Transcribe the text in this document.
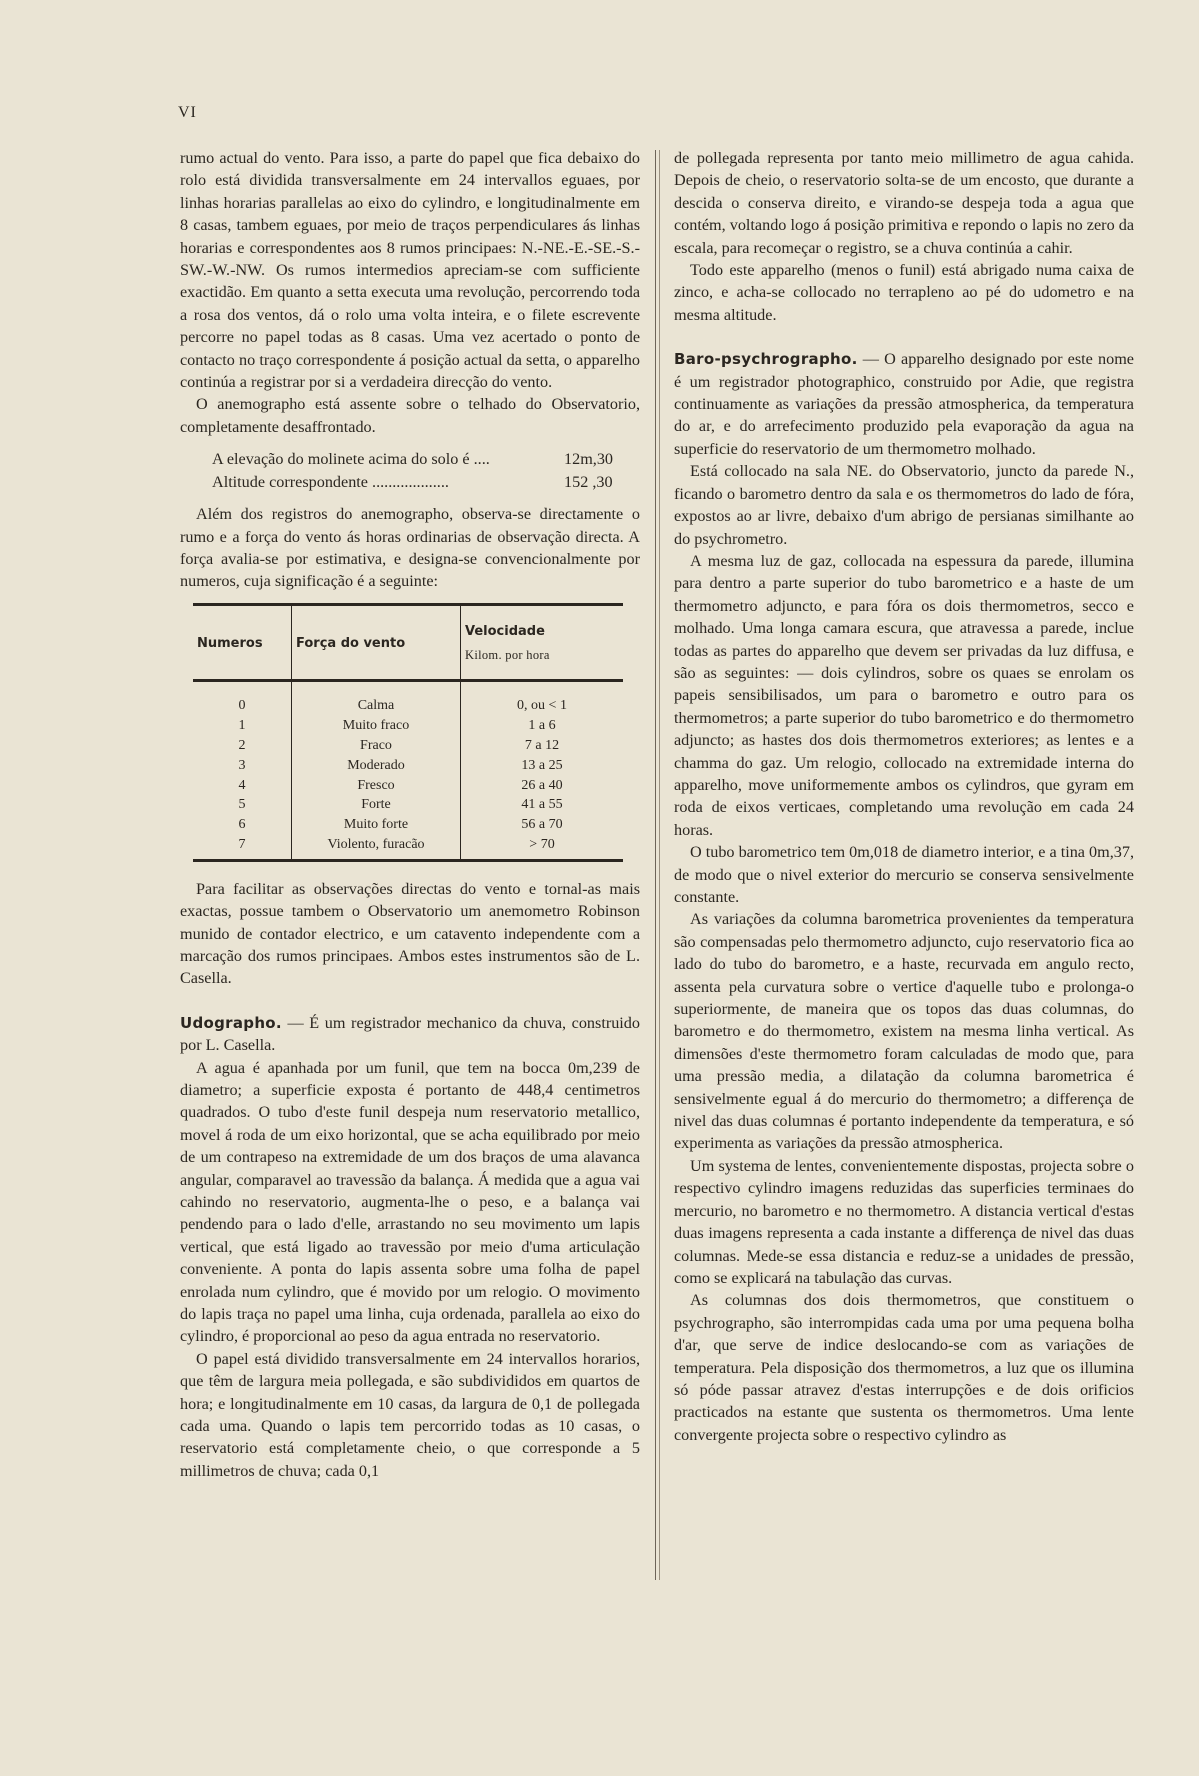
VI

rumo actual do vento. Para isso, a parte do papel que fica debaixo do rolo está dividida transversalmente em 24 intervallos eguaes, por linhas horarias parallelas ao eixo do cylindro, e longitudinalmente em 8 casas, tambem eguaes, por meio de traços perpendiculares ás linhas horarias e correspondentes aos 8 rumos principaes: N.-NE.-E.-SE.-S.-SW.-W.-NW. Os rumos intermedios apreciam-se com sufficiente exactidão. Em quanto a setta executa uma revolução, percorrendo toda a rosa dos ventos, dá o rolo uma volta inteira, e o filete escrevente percorre no papel todas as 8 casas. Uma vez acertado o ponto de contacto no traço correspondente á posição actual da setta, o apparelho continúa a registrar por si a verdadeira direcção do vento.

O anemographo está assente sobre o telhado do Observatorio, completamente desaffrontado.

A elevação do molinete acima do solo é ....	12m,30
Altitude correspondente ...................	152 ,30

Além dos registros do anemographo, observa-se directamente o rumo e a força do vento ás horas ordinarias de observação directa. A força avalia-se por estimativa, e designa-se convencionalmente por numeros, cuja significação é a seguinte:

Numeros	Força do vento	Velocidade
Kilom. por hora

0	Calma	0, ou < 1
1	Muito fraco	1 a 6
2	Fraco	7 a 12
3	Moderado	13 a 25
4	Fresco	26 a 40
5	Forte	41 a 55
6	Muito forte	56 a 70
7	Violento, furacão	> 70

Para facilitar as observações directas do vento e tornal-as mais exactas, possue tambem o Observatorio um anemometro Robinson munido de contador electrico, e um catavento independente com a marcação dos rumos principaes. Ambos estes instrumentos são de L. Casella.

Udographo. — É um registrador mechanico da chuva, construido por L. Casella.

A agua é apanhada por um funil, que tem na bocca 0m,239 de diametro; a superficie exposta é portanto de 448,4 centimetros quadrados. O tubo d'este funil despeja num reservatorio metallico, movel á roda de um eixo horizontal, que se acha equilibrado por meio de um contrapeso na extremidade de um dos braços de uma alavanca angular, comparavel ao travessão da balança. Á medida que a agua vai cahindo no reservatorio, augmenta-lhe o peso, e a balança vai pendendo para o lado d'elle, arrastando no seu movimento um lapis vertical, que está ligado ao travessão por meio d'uma articulação conveniente. A ponta do lapis assenta sobre uma folha de papel enrolada num cylindro, que é movido por um relogio. O movimento do lapis traça no papel uma linha, cuja ordenada, parallela ao eixo do cylindro, é proporcional ao peso da agua entrada no reservatorio.

O papel está dividido transversalmente em 24 intervallos horarios, que têm de largura meia pollegada, e são subdivididos em quartos de hora; e longitudinalmente em 10 casas, da largura de 0,1 de pollegada cada uma. Quando o lapis tem percorrido todas as 10 casas, o reservatorio está completamente cheio, o que corresponde a 5 millimetros de chuva; cada 0,1

de pollegada representa por tanto meio millimetro de agua cahida. Depois de cheio, o reservatorio solta-se de um encosto, que durante a descida o conserva direito, e virando-se despeja toda a agua que contém, voltando logo á posição primitiva e repondo o lapis no zero da escala, para recomeçar o registro, se a chuva continúa a cahir.

Todo este apparelho (menos o funil) está abrigado numa caixa de zinco, e acha-se collocado no terrapleno ao pé do udometro e na mesma altitude.

Baro-psychrographo. — O apparelho designado por este nome é um registrador photographico, construido por Adie, que registra continuamente as variações da pressão atmospherica, da temperatura do ar, e do arrefecimento produzido pela evaporação da agua na superficie do reservatorio de um thermometro molhado.

Está collocado na sala NE. do Observatorio, juncto da parede N., ficando o barometro dentro da sala e os thermometros do lado de fóra, expostos ao ar livre, debaixo d'um abrigo de persianas similhante ao do psychrometro.

A mesma luz de gaz, collocada na espessura da parede, illumina para dentro a parte superior do tubo barometrico e a haste de um thermometro adjuncto, e para fóra os dois thermometros, secco e molhado. Uma longa camara escura, que atravessa a parede, inclue todas as partes do apparelho que devem ser privadas da luz diffusa, e são as seguintes: — dois cylindros, sobre os quaes se enrolam os papeis sensibilisados, um para o barometro e outro para os thermometros; a parte superior do tubo barometrico e do thermometro adjuncto; as hastes dos dois thermometros exteriores; as lentes e a chamma do gaz. Um relogio, collocado na extremidade interna do apparelho, move uniformemente ambos os cylindros, que gyram em roda de eixos verticaes, completando uma revolução em cada 24 horas.

O tubo barometrico tem 0m,018 de diametro interior, e a tina 0m,37, de modo que o nivel exterior do mercurio se conserva sensivelmente constante.

As variações da columna barometrica provenientes da temperatura são compensadas pelo thermometro adjuncto, cujo reservatorio fica ao lado do tubo do barometro, e a haste, recurvada em angulo recto, assenta pela curvatura sobre o vertice d'aquelle tubo e prolonga-o superiormente, de maneira que os topos das duas columnas, do barometro e do thermometro, existem na mesma linha vertical. As dimensões d'este thermometro foram calculadas de modo que, para uma pressão media, a dilatação da columna barometrica é sensivelmente egual á do mercurio do thermometro; a differença de nivel das duas columnas é portanto independente da temperatura, e só experimenta as variações da pressão atmospherica.

Um systema de lentes, convenientemente dispostas, projecta sobre o respectivo cylindro imagens reduzidas das superficies terminaes do mercurio, no barometro e no thermometro. A distancia vertical d'estas duas imagens representa a cada instante a differença de nivel das duas columnas. Mede-se essa distancia e reduz-se a unidades de pressão, como se explicará na tabulação das curvas.

As columnas dos dois thermometros, que constituem o psychrographo, são interrompidas cada uma por uma pequena bolha d'ar, que serve de indice deslocando-se com as variações de temperatura. Pela disposição dos thermometros, a luz que os illumina só póde passar atravez d'estas interrupções e de dois orificios practicados na estante que sustenta os thermometros. Uma lente convergente projecta sobre o respectivo cylindro as
